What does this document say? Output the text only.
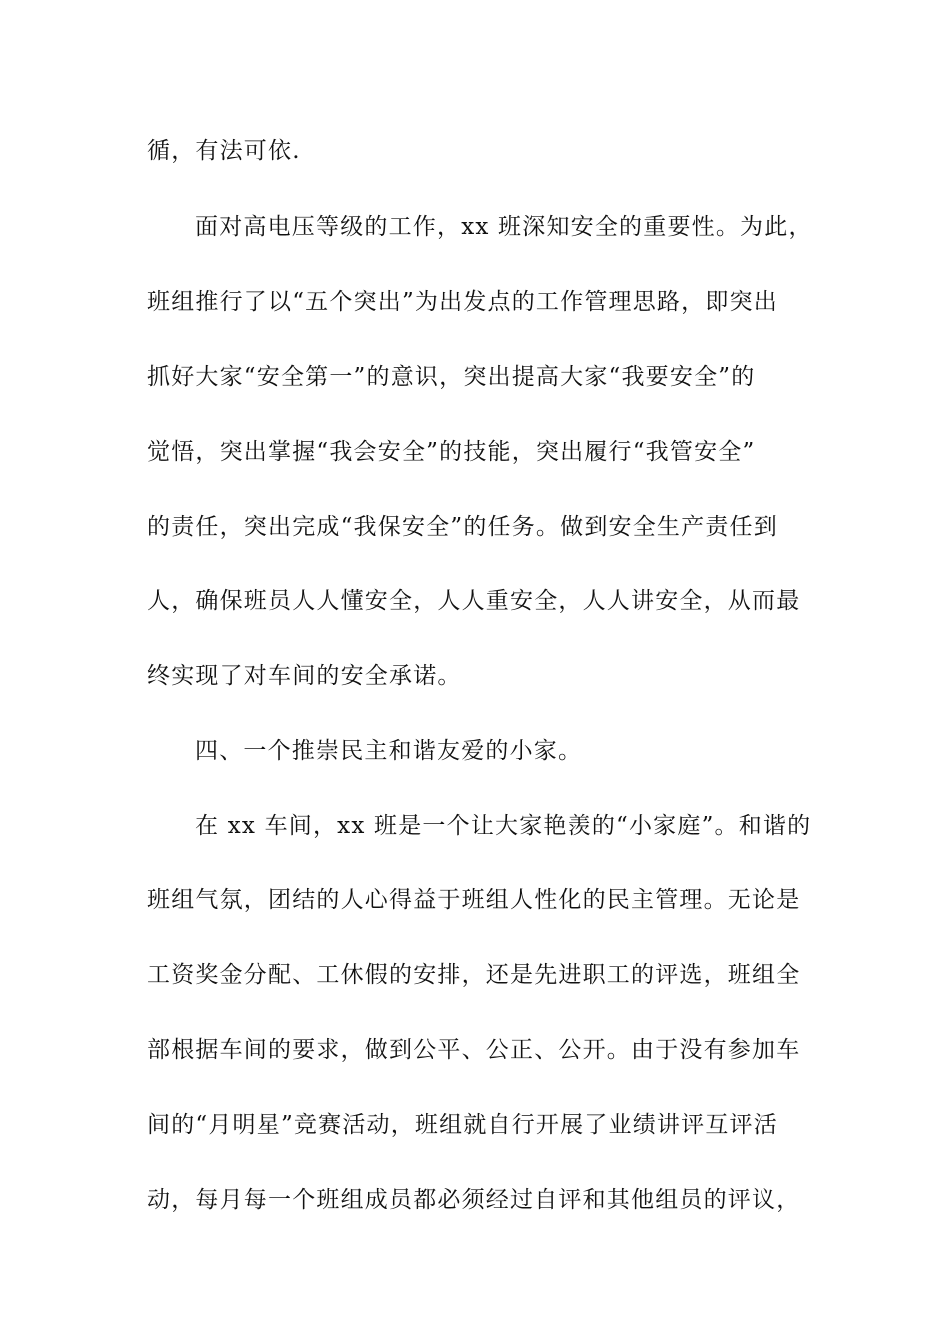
循，有法可依.
面对高电压等级的工作，xx 班深知安全的重要性。为此，
班组推行了以“五个突出”为出发点的工作管理思路，即突出
抓好大家“安全第一”的意识，突出提高大家“我要安全”的
觉悟，突出掌握“我会安全”的技能，突出履行“我管安全”
的责任，突出完成“我保安全”的任务。做到安全生产责任到
人，确保班员人人懂安全，人人重安全，人人讲安全，从而最
终实现了对车间的安全承诺。
四、一个推崇民主和谐友爱的小家。
在 xx 车间，xx 班是一个让大家艳羡的“小家庭”。和谐的
班组气氛，团结的人心得益于班组人性化的民主管理。无论是
工资奖金分配、工休假的安排，还是先进职工的评选，班组全
部根据车间的要求，做到公平、公正、公开。由于没有参加车
间的“月明星”竞赛活动，班组就自行开展了业绩讲评互评活
动，每月每一个班组成员都必须经过自评和其他组员的评议，
